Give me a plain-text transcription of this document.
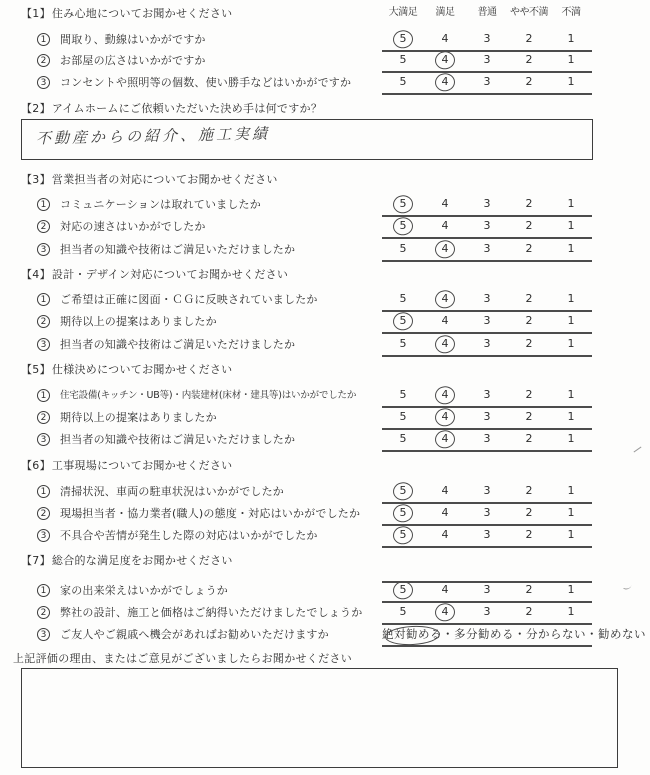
【1】住み心地についてお聞かせください	大満足	満足	普通	やや不満	不満
1	間取り、動線はいかがですか	5	4	3	2	1
2	お部屋の広さはいかがですか	5	4	3	2	1
3	コンセントや照明等の個数、使い勝手などはいかがですか	5	4	3	2	1
【2】アイムホームにご依頼いただいた決め手は何ですか？
不動産からの紹介、施工実績
【3】営業担当者の対応についてお聞かせください
1	コミュニケーションは取れていましたか	5	4	3	2	1
2	対応の速さはいかがでしたか	5	4	3	2	1
3	担当者の知識や技術はご満足いただけましたか	5	4	3	2	1
【4】設計・デザイン対応についてお聞かせください
1	ご希望は正確に図面・ＣＧに反映されていましたか	5	4	3	2	1
2	期待以上の提案はありましたか	5	4	3	2	1
3	担当者の知識や技術はご満足いただけましたか	5	4	3	2	1
【5】仕様決めについてお聞かせください
1	住宅設備(キッチン・UB等)・内装建材(床材・建具等)はいかがでしたか	5	4	3	2	1
2	期待以上の提案はありましたか	5	4	3	2	1
3	担当者の知識や技術はご満足いただけましたか	5	4	3	2	1
【6】工事現場についてお聞かせください
1	清掃状況、車両の駐車状況はいかがでしたか	5	4	3	2	1
2	現場担当者・協力業者(職人)の態度・対応はいかがでしたか	5	4	3	2	1
3	不具合や苦情が発生した際の対応はいかがでしたか	5	4	3	2	1
【7】総合的な満足度をお聞かせください
1	家の出来栄えはいかがでしょうか	5	4	3	2	1
2	弊社の設計、施工と価格はご納得いただけましたでしょうか	5	4	3	2	1
3	ご友人やご親戚へ機会があればお勧めいただけますか	絶対勧める・多分勧める・分からない・勧めない
上記評価の理由、またはご意見がございましたらお聞かせください
